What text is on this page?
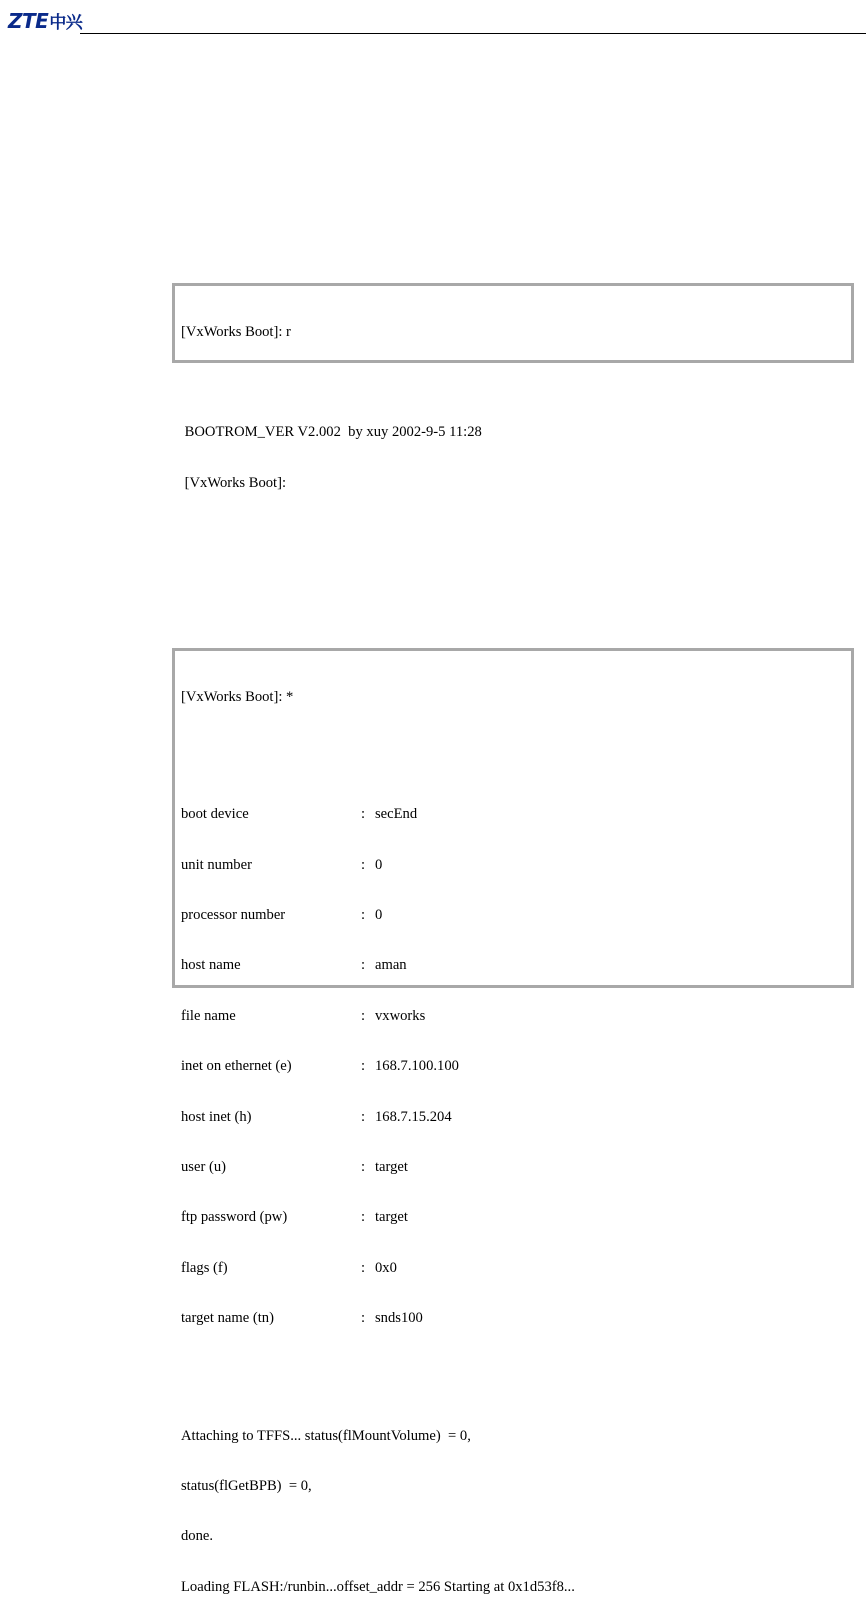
ZTE中兴

[VxWorks Boot]: r

BOOTROM_VER V2.002  by xuy 2002-9-5 11:28

[VxWorks Boot]:

[VxWorks Boot]: *

boot device	: secEnd

unit number	: 0

processor number	: 0

host name	: aman

file name	: vxworks

inet on ethernet (e)	: 168.7.100.100

host inet (h)	: 168.7.15.204

user (u)	: target

ftp password (pw)	: target

flags (f)	: 0x0

target name (tn)	: snds100

Attaching to TFFS... status(flMountVolume)  = 0,

status(flGetBPB)  = 0,

done.

Loading FLASH:/runbin...offset_addr = 256 Starting at 0x1d53f8...
